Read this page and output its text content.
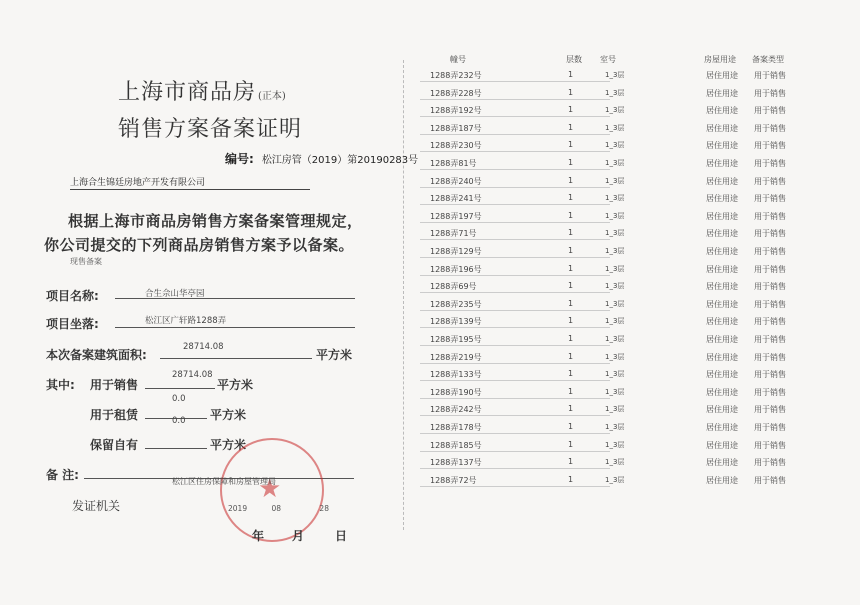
上海市商品房 (正本)
销售方案备案证明
编号: 松江房管（2019）第20190283号
上海合生锦廷房地产开发有限公司
根据上海市商品房销售方案备案管理规定，
你公司提交的下列商品房销售方案予以备案。
现售备案
项目名称:	合生佘山华亭园
项目坐落:	松江区广轩路1288弄
本次备案建筑面积:
28714.08
平方米
其中: 用于销售
28714.08
平方米
用于租赁
0.0
平方米
保留自有
0.0
平方米
备 注:
发证机关
★
松江区住房保障和房屋管理局
2019	08	28
年 月	日
幢号	层数 室号	房屋用途 备案类型
1288弄232号	1	1_3层	居住用途 用于销售
1288弄228号	1	1_3层	居住用途 用于销售
1288弄192号	1	1_3层	居住用途 用于销售
1288弄187号	1	1_3层	居住用途 用于销售
1288弄230号	1	1_3层	居住用途 用于销售
1288弄81号	1	1_3层	居住用途 用于销售
1288弄240号	1	1_3层	居住用途 用于销售
1288弄241号	1	1_3层	居住用途 用于销售
1288弄197号	1	1_3层	居住用途 用于销售
1288弄71号	1	1_3层	居住用途 用于销售
1288弄129号	1	1_3层	居住用途 用于销售
1288弄196号	1	1_3层	居住用途 用于销售
1288弄69号	1	1_3层	居住用途 用于销售
1288弄235号	1	1_3层	居住用途 用于销售
1288弄139号	1	1_3层	居住用途 用于销售
1288弄195号	1	1_3层	居住用途 用于销售
1288弄219号	1	1_3层	居住用途 用于销售
1288弄133号	1	1_3层	居住用途 用于销售
1288弄190号	1	1_3层	居住用途 用于销售
1288弄242号	1	1_3层	居住用途 用于销售
1288弄178号	1	1_3层	居住用途 用于销售
1288弄185号	1	1_3层	居住用途 用于销售
1288弄137号	1	1_3层	居住用途 用于销售
1288弄72号	1	1_3层	居住用途 用于销售
